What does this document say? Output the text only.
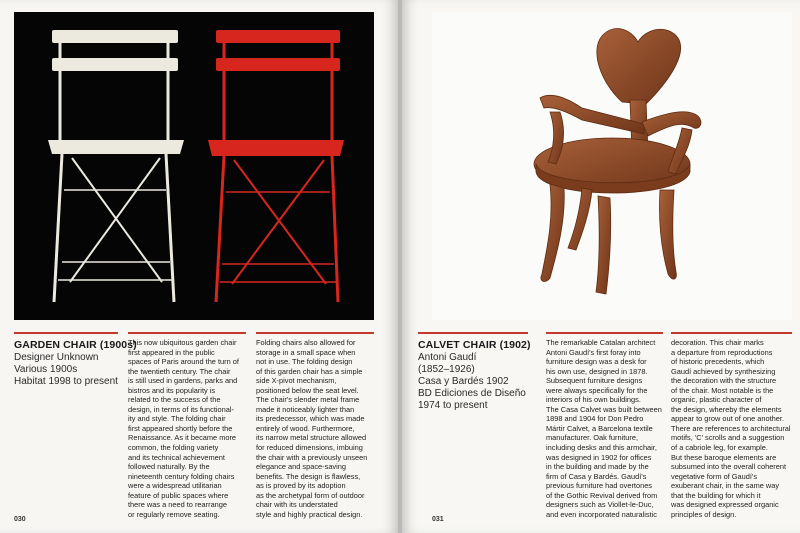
GARDEN CHAIR (1900s)
Designer Unknown
Various 1900s
Habitat 1998 to present
This now ubiquitous garden chair
first appeared in the public
spaces of Paris around the turn of
the twentieth century. The chair
is still used in gardens, parks and
bistros and its popularity is
related to the success of the
design, in terms of its functional-
ity and style. The folding chair
first appeared shortly before the
Renaissance. As it became more
common, the folding variety
and its technical achievement
followed naturally. By the
nineteenth century folding chairs
were a widespread utilitarian
feature of public spaces where
there was a need to rearrange
or regularly remove seating.
Folding chairs also allowed for
storage in a small space when
not in use. The folding design
of this garden chair has a simple
side X-pivot mechanism,
positioned below the seat level.
The chair's slender metal frame
made it noticeably lighter than
its predecessor, which was made
entirely of wood. Furthermore,
its narrow metal structure allowed
for reduced dimensions, imbuing
the chair with a previously unseen
elegance and space-saving
benefits. The design is flawless,
as is proved by its adoption
as the archetypal form of outdoor
chair with its understated
style and highly practical design.
030
CALVET CHAIR (1902)
Antoni Gaudí
(1852–1926)
Casa y Bardés 1902
BD Ediciones de Diseño
1974 to present
The remarkable Catalan architect
Antoni Gaudí's first foray into
furniture design was a desk for
his own use, designed in 1878.
Subsequent furniture designs
were always specifically for the
interiors of his own buildings.
The Casa Calvet was built between
1898 and 1904 for Don Pedro
Mártir Calvet, a Barcelona textile
manufacturer. Oak furniture,
including desks and this armchair,
was designed in 1902 for offices
in the building and made by the
firm of Casa y Bardés. Gaudí's
previous furniture had overtones
of the Gothic Revival derived from
designers such as Viollet-le-Duc,
and even incorporated naturalistic
decoration. This chair marks
a departure from reproductions
of historic precedents, which
Gaudí achieved by synthesizing
the decoration with the structure
of the chair. Most notable is the
organic, plastic character of
the design, whereby the elements
appear to grow out of one another.
There are references to architectural
motifs, 'C' scrolls and a suggestion
of a cabriole leg, for example.
But these baroque elements are
subsumed into the overall coherent
vegetative form of Gaudí's
exuberant chair, in the same way
that the building for which it
was designed expressed organic
principles of design.
031
